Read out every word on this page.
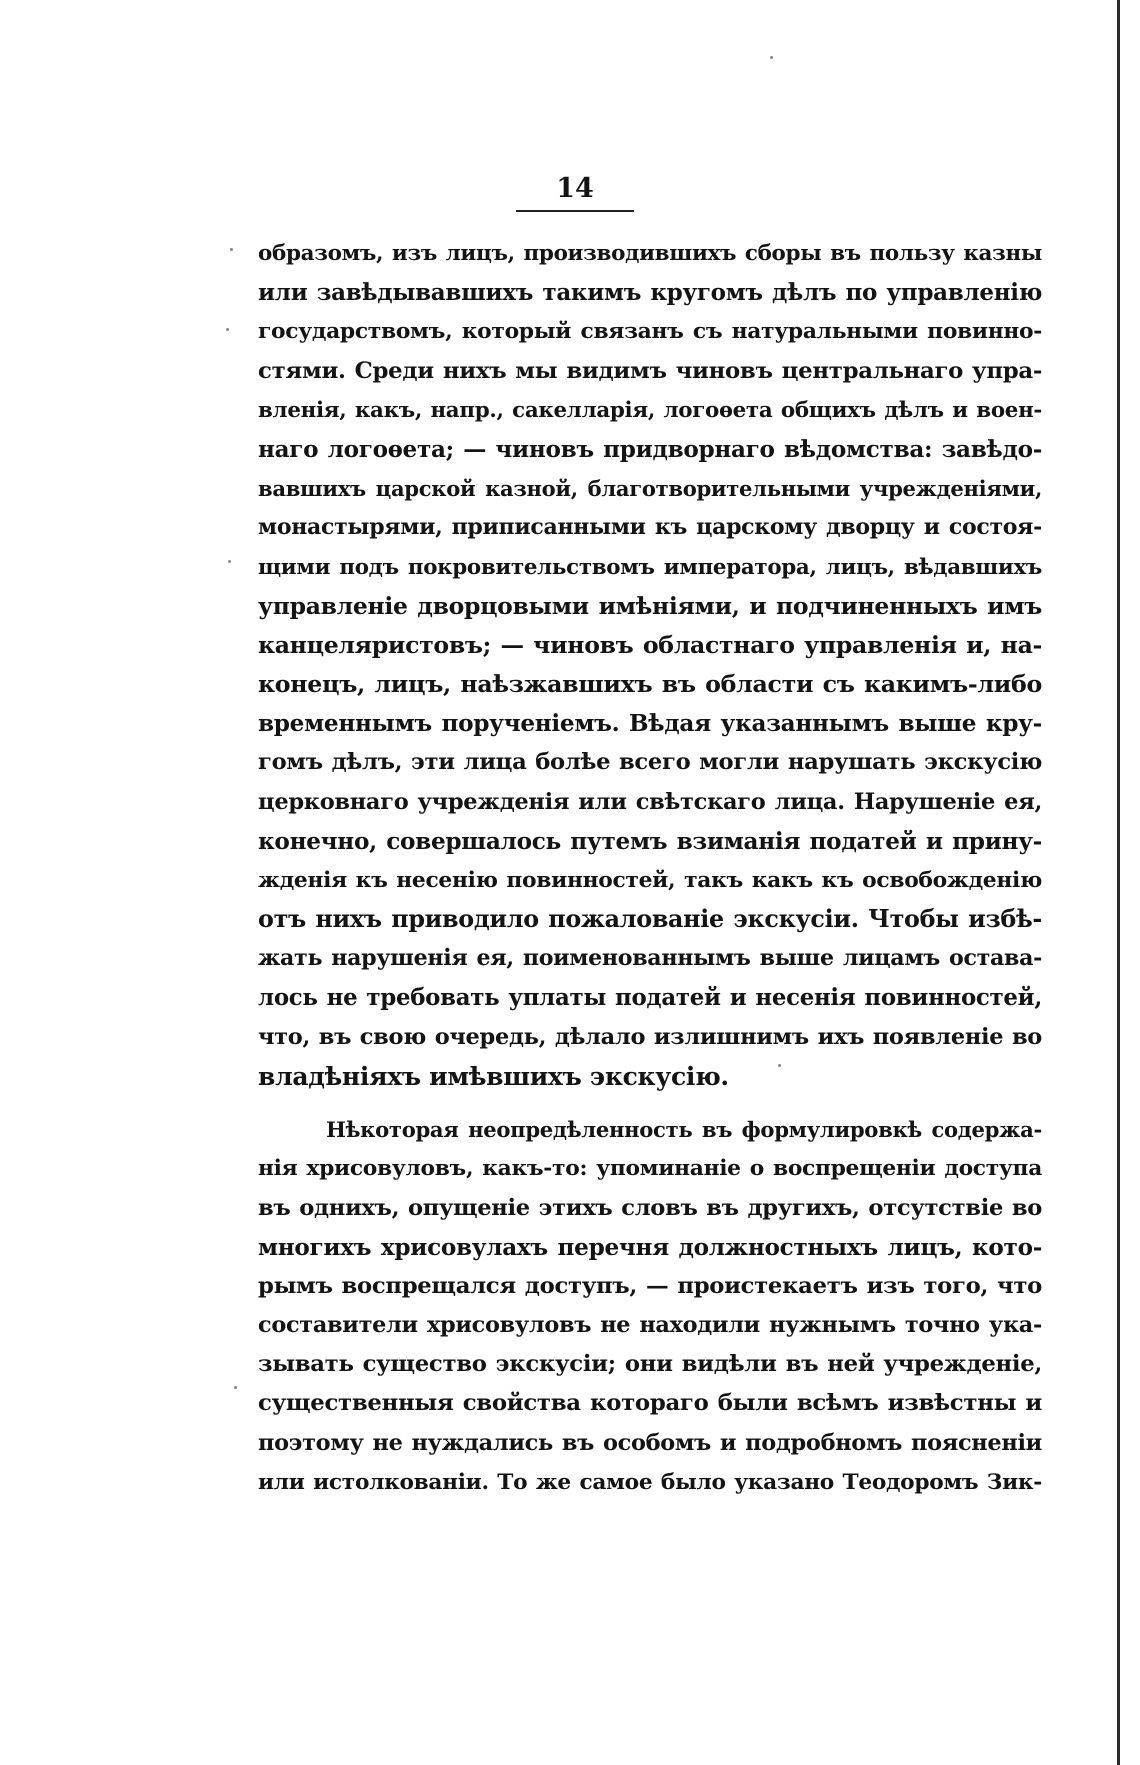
14
образомъ, изъ лицъ, производившихъ сборы въ пользу казны
или завѣдывавшихъ такимъ кругомъ дѣлъ по управленію
государствомъ, который связанъ съ натуральными повинно-
стями. Среди нихъ мы видимъ чиновъ центральнаго упра-
вленія, какъ, напр., сакелларія, логоѳета общихъ дѣлъ и воен-
наго логоѳета; — чиновъ придворнаго вѣдомства: завѣдо-
вавшихъ царской казной, благотворительными учрежденіями,
монастырями, приписанными къ царскому дворцу и состоя-
щими подъ покровительствомъ императора, лицъ, вѣдавшихъ
управленіе дворцовыми имѣніями, и подчиненныхъ имъ
канцеляристовъ; — чиновъ областнаго управленія и, на-
конецъ, лицъ, наѣзжавшихъ въ области съ какимъ-либо
временнымъ порученіемъ. Вѣдая указаннымъ выше кру-
гомъ дѣлъ, эти лица болѣе всего могли нарушать экскусію
церковнаго учрежденія или свѣтскаго лица. Нарушеніе ея,
конечно, совершалось путемъ взиманія податей и прину-
жденія къ несенію повинностей, такъ какъ къ освобожденію
отъ нихъ приводило пожалованіе экскусіи. Чтобы избѣ-
жать нарушенія ея, поименованнымъ выше лицамъ остава-
лось не требовать уплаты податей и несенія повинностей,
что, въ свою очередь, дѣлало излишнимъ ихъ появленіе во
владѣніяхъ имѣвшихъ экскусію.
Нѣкоторая неопредѣленность въ формулировкѣ содержа-
нія хрисовуловъ, какъ-то: упоминаніе о воспрещеніи доступа
въ однихъ, опущеніе этихъ словъ въ другихъ, отсутствіе во
многихъ хрисовулахъ перечня должностныхъ лицъ, кото-
рымъ воспрещался доступъ, — проистекаетъ изъ того, что
составители хрисовуловъ не находили нужнымъ точно ука-
зывать существо экскусіи; они видѣли въ ней учрежденіе,
существенныя свойства котораго были всѣмъ извѣстны и
поэтому не нуждались въ особомъ и подробномъ поясненіи
или истолкованіи. То же самое было указано Теодоромъ Зик-
